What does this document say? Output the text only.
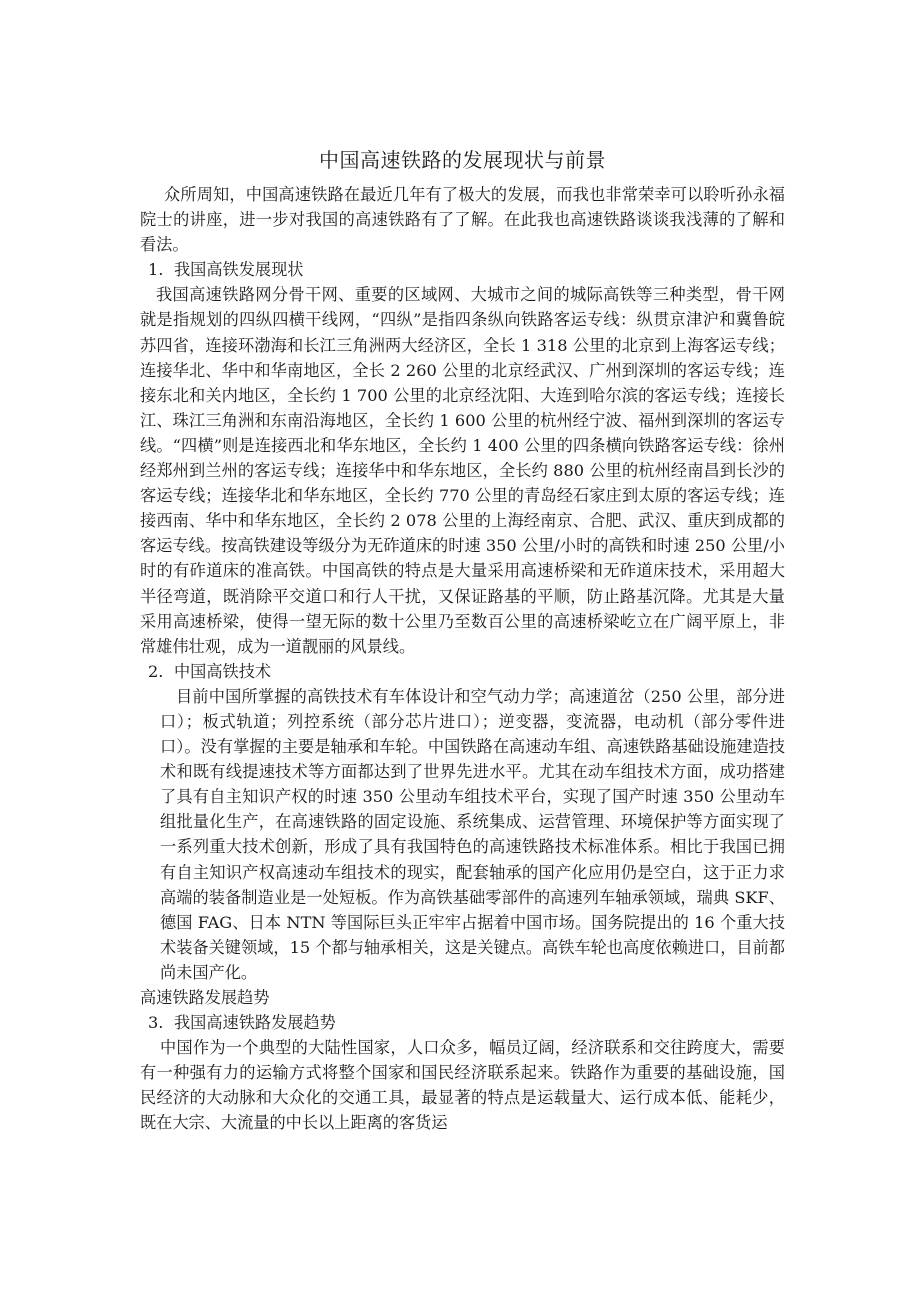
中国高速铁路的发展现状与前景

众所周知，中国高速铁路在最近几年有了极大的发展，而我也非常荣幸可以聆听孙永福院士的讲座，进一步对我国的高速铁路有了了解。在此我也高速铁路谈谈我浅薄的了解和看法。

1. 我国高铁发展现状

我国高速铁路网分骨干网、重要的区域网、大城市之间的城际高铁等三种类型，骨干网就是指规划的四纵四横干线网，“四纵”是指四条纵向铁路客运专线：纵贯京津沪和冀鲁皖苏四省，连接环渤海和长江三角洲两大经济区，全长 1 318 公里的北京到上海客运专线；连接华北、华中和华南地区，全长 2 260 公里的北京经武汉、广州到深圳的客运专线；连接东北和关内地区，全长约 1 700 公里的北京经沈阳、大连到哈尔滨的客运专线；连接长江、珠江三角洲和东南沿海地区，全长约 1 600 公里的杭州经宁波、福州到深圳的客运专线。“四横”则是连接西北和华东地区，全长约 1 400 公里的四条横向铁路客运专线：徐州经郑州到兰州的客运专线；连接华中和华东地区，全长约 880 公里的杭州经南昌到长沙的客运专线；连接华北和华东地区，全长约 770 公里的青岛经石家庄到太原的客运专线；连接西南、华中和华东地区，全长约 2 078 公里的上海经南京、合肥、武汉、重庆到成都的客运专线。按高铁建设等级分为无砟道床的时速 350 公里/小时的高铁和时速 250 公里/小时的有砟道床的准高铁。中国高铁的特点是大量采用高速桥梁和无砟道床技术，采用超大半径弯道，既消除平交道口和行人干扰，又保证路基的平顺，防止路基沉降。尤其是大量采用高速桥梁，使得一望无际的数十公里乃至数百公里的高速桥梁屹立在广阔平原上，非常雄伟壮观，成为一道靓丽的风景线。

2. 中国高铁技术

目前中国所掌握的高铁技术有车体设计和空气动力学；高速道岔（250 公里，部分进口）；板式轨道；列控系统（部分芯片进口）；逆变器，变流器，电动机（部分零件进口）。没有掌握的主要是轴承和车轮。中国铁路在高速动车组、高速铁路基础设施建造技术和既有线提速技术等方面都达到了世界先进水平。尤其在动车组技术方面，成功搭建了具有自主知识产权的时速 350 公里动车组技术平台，实现了国产时速 350 公里动车组批量化生产，在高速铁路的固定设施、系统集成、运营管理、环境保护等方面实现了一系列重大技术创新，形成了具有我国特色的高速铁路技术标准体系。相比于我国已拥有自主知识产权高速动车组技术的现实，配套轴承的国产化应用仍是空白，这于正力求高端的装备制造业是一处短板。作为高铁基础零部件的高速列车轴承领域，瑞典 SKF、德国 FAG、日本 NTN 等国际巨头正牢牢占据着中国市场。国务院提出的 16 个重大技术装备关键领域，15 个都与轴承相关，这是关键点。高铁车轮也高度依赖进口，目前都尚未国产化。

高速铁路发展趋势

3. 我国高速铁路发展趋势

中国作为一个典型的大陆性国家，人口众多，幅员辽阔，经济联系和交往跨度大，需要有一种强有力的运输方式将整个国家和国民经济联系起来。铁路作为重要的基础设施，国民经济的大动脉和大众化的交通工具，最显著的特点是运载量大、运行成本低、能耗少，既在大宗、大流量的中长以上距离的客货运
